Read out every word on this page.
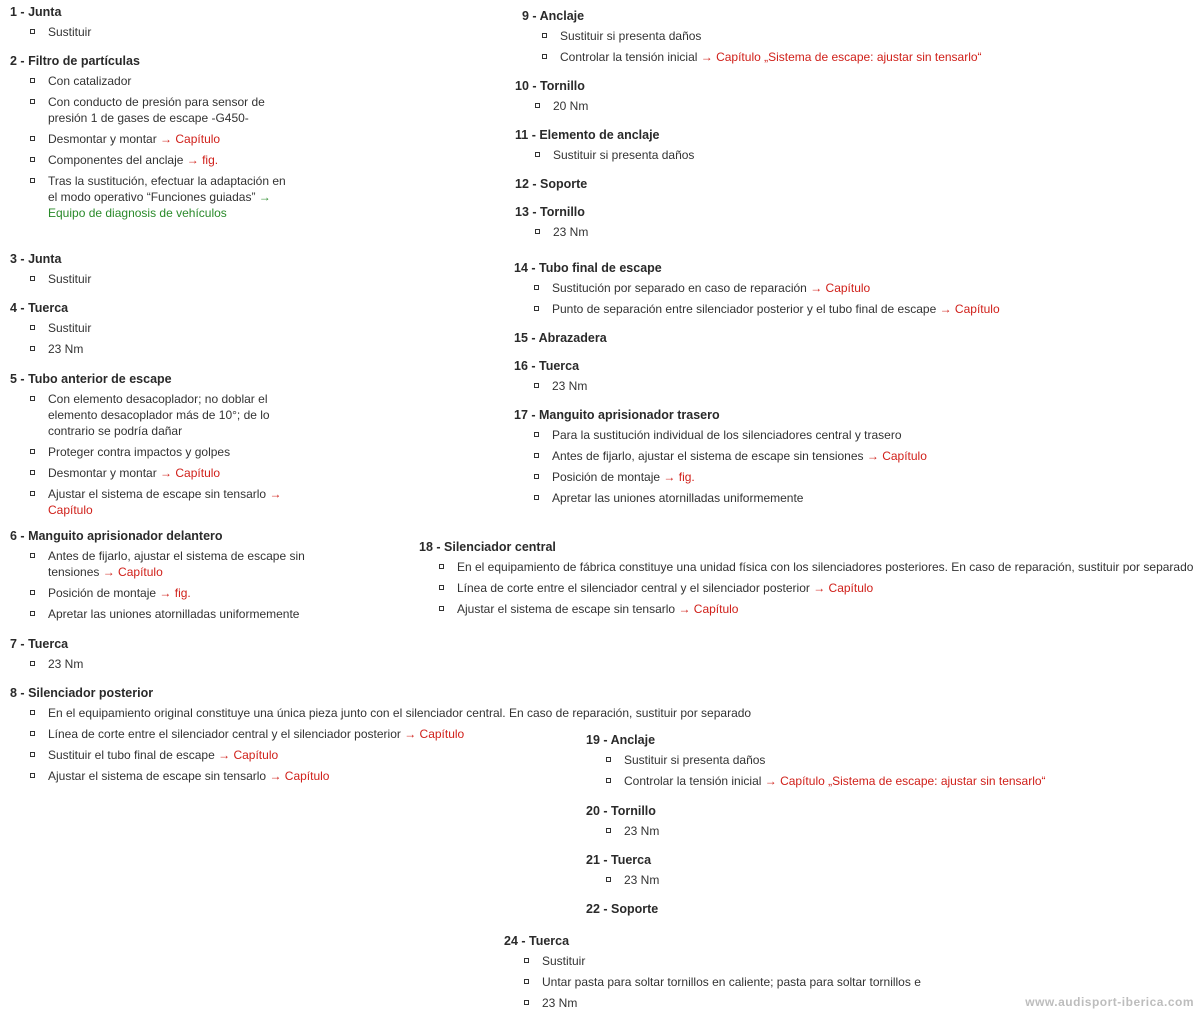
1 - Junta
Sustituir
2 - Filtro de partículas
Con catalizador
Con conducto de presión para sensor de presión 1 de gases de escape -G450-
Desmontar y montar → Capítulo
Componentes del anclaje → fig.
Tras la sustitución, efectuar la adaptación en el modo operativo “Funciones guiadas” → Equipo de diagnosis de vehículos
3 - Junta
Sustituir
4 - Tuerca
Sustituir
23 Nm
5 - Tubo anterior de escape
Con elemento desacoplador; no doblar el elemento desacoplador más de 10°; de lo contrario se podría dañar
Proteger contra impactos y golpes
Desmontar y montar → Capítulo
Ajustar el sistema de escape sin tensarlo → Capítulo
6 - Manguito aprisionador delantero
Antes de fijarlo, ajustar el sistema de escape sin tensiones → Capítulo
Posición de montaje → fig.
Apretar las uniones atornilladas uniformemente
7 - Tuerca
23 Nm
8 - Silenciador posterior
En el equipamiento original constituye una única pieza junto con el silenciador central. En caso de reparación, sustituir por separado
Línea de corte entre el silenciador central y el silenciador posterior → Capítulo
Sustituir el tubo final de escape → Capítulo
Ajustar el sistema de escape sin tensarlo → Capítulo
9 - Anclaje
Sustituir si presenta daños
Controlar la tensión inicial → Capítulo „Sistema de escape: ajustar sin tensarlo“
10 - Tornillo
20 Nm
11 - Elemento de anclaje
Sustituir si presenta daños
12 - Soporte
13 - Tornillo
23 Nm
14 - Tubo final de escape
Sustitución por separado en caso de reparación → Capítulo
Punto de separación entre silenciador posterior y el tubo final de escape → Capítulo
15 - Abrazadera
16 - Tuerca
23 Nm
17 - Manguito aprisionador trasero
Para la sustitución individual de los silenciadores central y trasero
Antes de fijarlo, ajustar el sistema de escape sin tensiones → Capítulo
Posición de montaje → fig.
Apretar las uniones atornilladas uniformemente
18 - Silenciador central
En el equipamiento de fábrica constituye una unidad física con los silenciadores posteriores. En caso de reparación, sustituir por separado
Línea de corte entre el silenciador central y el silenciador posterior → Capítulo
Ajustar el sistema de escape sin tensarlo → Capítulo
19 - Anclaje
Sustituir si presenta daños
Controlar la tensión inicial → Capítulo „Sistema de escape: ajustar sin tensarlo“
20 - Tornillo
23 Nm
21 - Tuerca
23 Nm
22 - Soporte
24 - Tuerca
Sustituir
Untar pasta para soltar tornillos en caliente; pasta para soltar tornillos e
23 Nm	www.audisport-iberica.com
